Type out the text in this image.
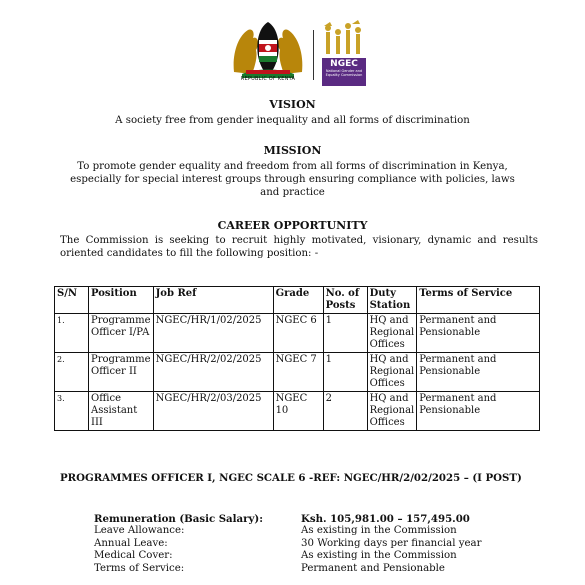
REPUBLIC OF KENYA
NGEC
National Gender and Equality Commission
VISION
A society free from gender inequality and all forms of discrimination
MISSION
To promote gender equality and freedom from all forms of discrimination in Kenya, especially for special interest groups through ensuring compliance with policies, laws and practice
CAREER OPPORTUNITY
The Commission is seeking to recruit highly motivated, visionary, dynamic and results oriented candidates to fill the following position: -
S/N	Position	Job Ref	Grade	No. of Posts	Duty Station	Terms of Service
1.	Programme Officer I/PA	NGEC/HR/1/02/2025	NGEC 6	1	HQ and Regional Offices	Permanent and Pensionable
2.	Programme Officer II	NGEC/HR/2/02/2025	NGEC 7	1	HQ and Regional Offices	Permanent and Pensionable
3.	Office Assistant III	NGEC/HR/2/03/2025	NGEC 10	2	HQ and Regional Offices	Permanent and Pensionable
PROGRAMMES OFFICER I, NGEC SCALE 6 -REF: NGEC/HR/2/02/2025 – (I POST)
Remuneration (Basic Salary):	Ksh. 105,981.00 – 157,495.00
Leave Allowance:	As existing in the Commission
Annual Leave:	30 Working days per financial year
Medical Cover:	As existing in the Commission
Terms of Service:	Permanent and Pensionable
